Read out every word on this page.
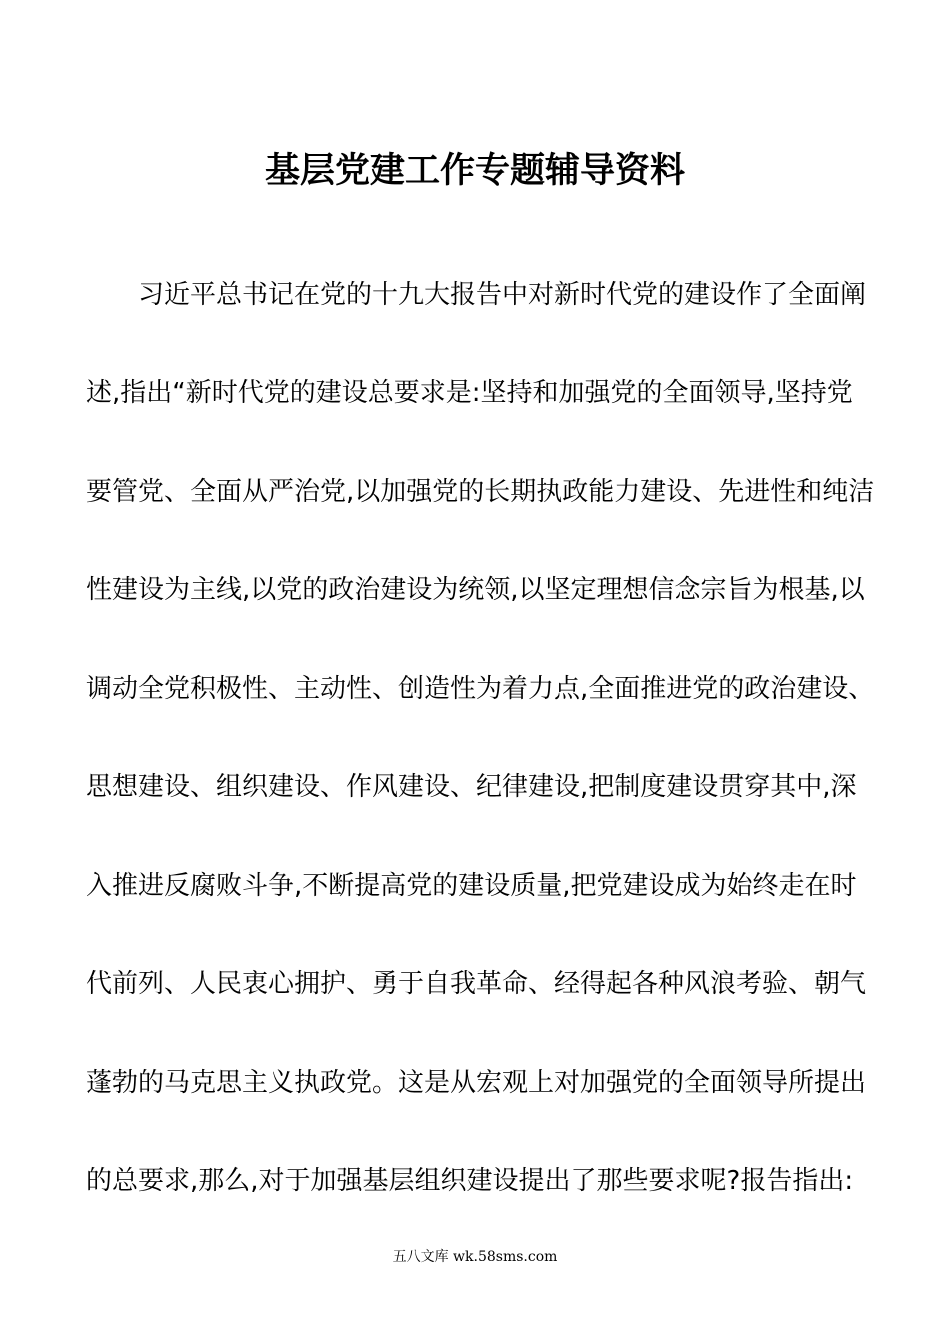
基层党建工作专题辅导资料
习近平总书记在党的十九大报告中对新时代党的建设作了全面阐
述,指出“新时代党的建设总要求是:坚持和加强党的全面领导,坚持党
要管党、全面从严治党,以加强党的长期执政能力建设、先进性和纯洁
性建设为主线,以党的政治建设为统领,以坚定理想信念宗旨为根基,以
调动全党积极性、主动性、创造性为着力点,全面推进党的政治建设、
思想建设、组织建设、作风建设、纪律建设,把制度建设贯穿其中,深
入推进反腐败斗争,不断提高党的建设质量,把党建设成为始终走在时
代前列、人民衷心拥护、勇于自我革命、经得起各种风浪考验、朝气
蓬勃的马克思主义执政党。这是从宏观上对加强党的全面领导所提出
的总要求,那么,对于加强基层组织建设提出了那些要求呢?报告指出:
五八文库 wk.58sms.com
